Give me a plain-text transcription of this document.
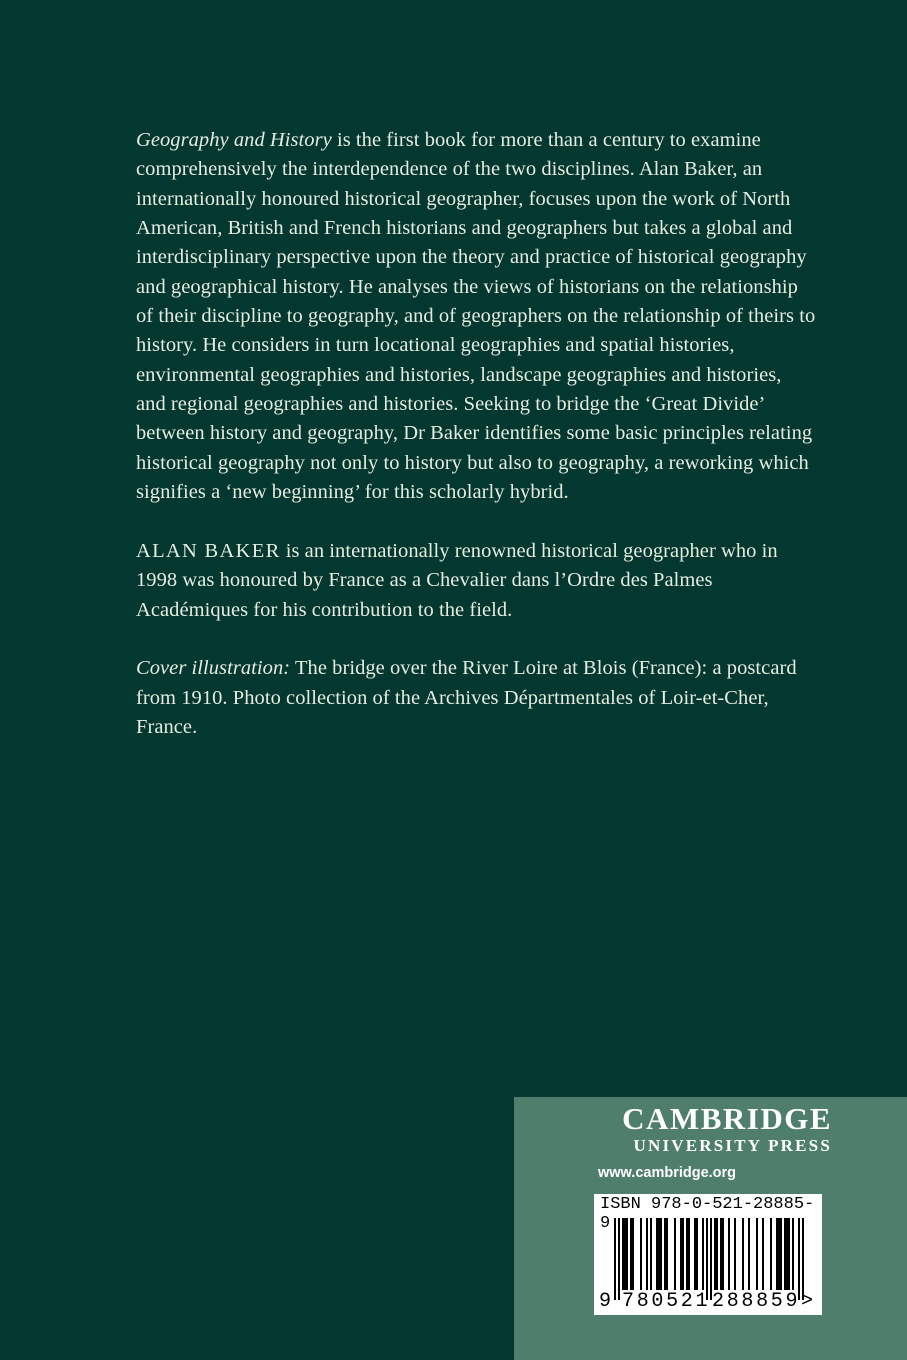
Geography and History is the first book for more than a century to examine comprehensively the interdependence of the two disciplines. Alan Baker, an internationally honoured historical geographer, focuses upon the work of North American, British and French historians and geographers but takes a global and interdisciplinary perspective upon the theory and practice of historical geography and geographical history. He analyses the views of historians on the relationship of their discipline to geography, and of geographers on the relationship of theirs to history. He considers in turn locational geographies and spatial histories, environmental geographies and histories, landscape geographies and histories, and regional geographies and histories. Seeking to bridge the ‘Great Divide’ between history and geography, Dr Baker identifies some basic principles relating historical geography not only to history but also to geography, a reworking which signifies a ‘new beginning’ for this scholarly hybrid.

ALAN BAKER is an internationally renowned historical geographer who in 1998 was honoured by France as a Chevalier dans l’Ordre des Palmes Académiques for his contribution to the field.

Cover illustration: The bridge over the River Loire at Blois (France): a postcard from 1910. Photo collection of the Archives Départmentales of Loir-et-Cher, France.

CAMBRIDGE
UNIVERSITY PRESS
www.cambridge.org
ISBN 978-0-521-28885-9
9 780521 288859 >
